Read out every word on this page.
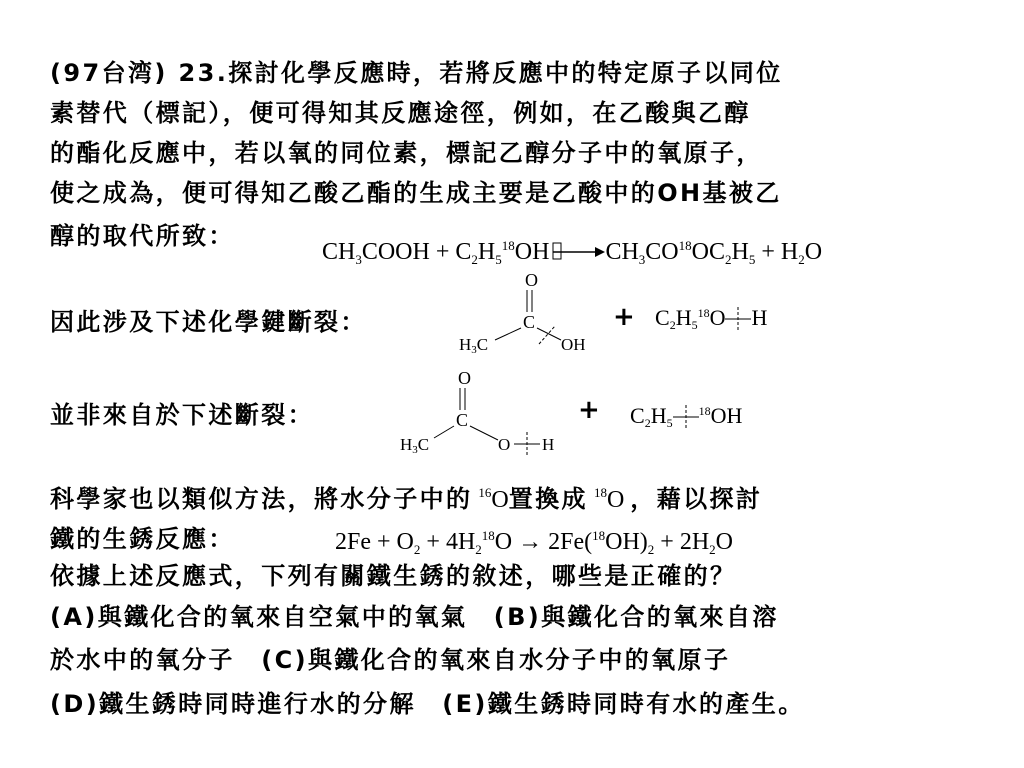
(97台湾) 23.探討化學反應時，若將反應中的特定原子以同位
素替代（標記），便可得知其反應途徑，例如，在乙酸與乙醇
的酯化反應中，若以氧的同位素，標記乙醇分子中的氧原子，
使之成為，便可得知乙酸乙酯的生成主要是乙酸中的OH基被乙
醇的取代所致：
$CH_3COOH + C_2H_5^{18}OH$ $CH_3CO^{18}OC_2H_5 + H_2O$
因此涉及下述化學鍵斷裂：
O
C
H3C	OH
+ $C_2H_5^{18}O$ H
並非來自於下述斷裂：
O
C
H3C	O H
+ $C_2H_5^{18}OH$
科學家也以類似方法，將水分子中的 $^{16}$O置換成 $^{18}$O ，藉以探討
鐵的生銹反應：	$2Fe + O_2 + 4H_2^{18}O \to 2Fe(^{18}OH)_2 + 2H_2O$
依據上述反應式，下列有關鐵生銹的敘述，哪些是正確的？
(A)與鐵化合的氧來自空氣中的氧氣　(B)與鐵化合的氧來自溶
於水中的氧分子　(C)與鐵化合的氧來自水分子中的氧原子
(D)鐵生銹時同時進行水的分解　(E)鐵生銹時同時有水的產生。
